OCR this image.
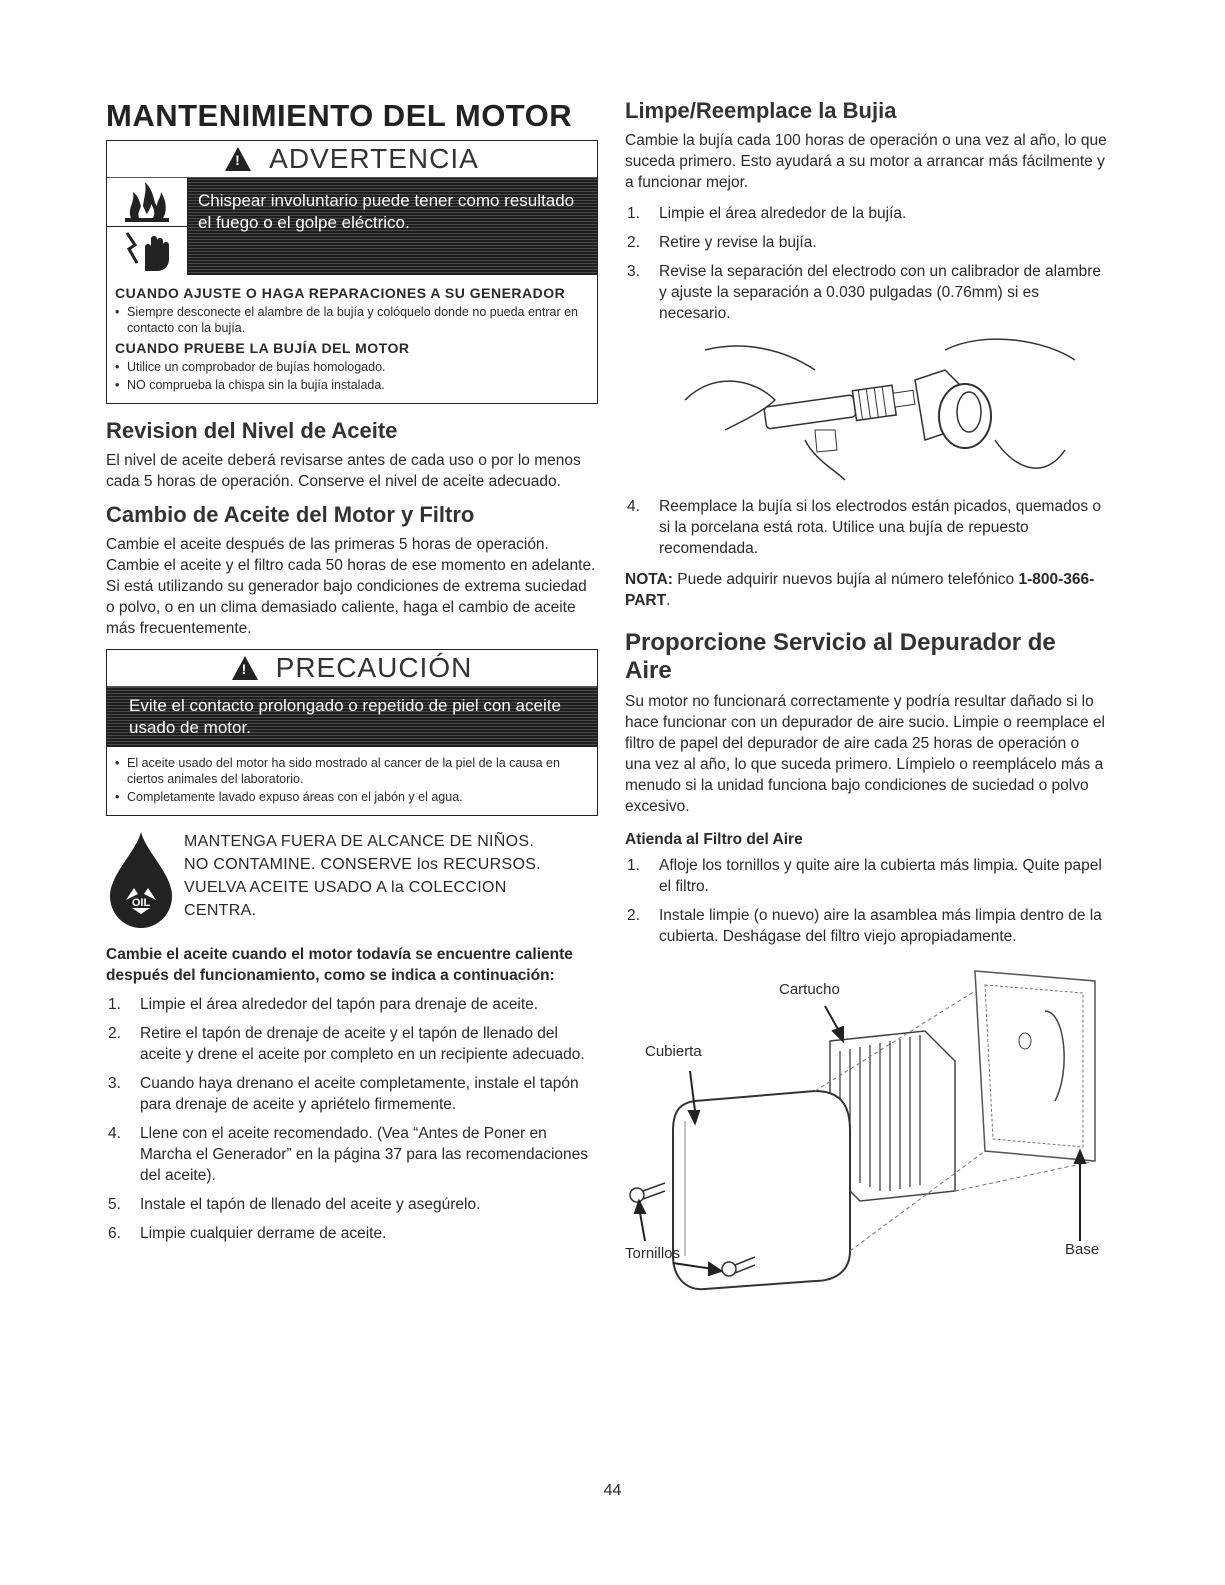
MANTENIMIENTO DEL MOTOR
!
ADVERTENCIA
Chispear involuntario puede tener como resultado el fuego o el golpe eléctrico.
CUANDO AJUSTE O HAGA REPARACIONES A SU GENERADOR
• Siempre desconecte el alambre de la bujía y colóquelo donde no pueda entrar en contacto con la bujía.
CUANDO PRUEBE LA BUJÍA DEL MOTOR
• Utilice un comprobador de bujías homologado.
• NO comprueba la chispa sin la bujía instalada.
Revision del Nivel de Aceite

El nivel de aceite deberá revisarse antes de cada uso o por lo menos cada 5 horas de operación. Conserve el nivel de aceite adecuado.

Cambio de Aceite del Motor y Filtro

Cambie el aceite después de las primeras 5 horas de operación. Cambie el aceite y el filtro cada 50 horas de ese momento en adelante. Si está utilizando su generador bajo condiciones de extrema suciedad o polvo, o en un clima demasiado caliente, haga el cambio de aceite más frecuentemente.

!
PRECAUCIÓN
Evite el contacto prolongado o repetido de piel con aceite usado de motor.
• El aceite usado del motor ha sido mostrado al cancer de la piel de la causa en ciertos animales del laboratorio.
• Completamente lavado expuso áreas con el jabón y el agua.
OIL
MANTENGA FUERA DE ALCANCE DE NIÑOS.
NO CONTAMINE. CONSERVE los RECURSOS.
VUELVA ACEITE USADO A la COLECCION
CENTRA.
Cambie el aceite cuando el motor todavía se encuentre caliente después del funcionamiento, como se indica a continuación:
1. Limpie el área alrededor del tapón para drenaje de aceite.
2. Retire el tapón de drenaje de aceite y el tapón de llenado del aceite y drene el aceite por completo en un recipiente adecuado.
3. Cuando haya drenano el aceite completamente, instale el tapón para drenaje de aceite y apriételo firmemente.
4. Llene con el aceite recomendado. (Vea “Antes de Poner en Marcha el Generador” en la página 37 para las recomendaciones del aceite).
5. Instale el tapón de llenado del aceite y asegúrelo.
6. Limpie cualquier derrame de aceite.
Limpe/Reemplace la Bujia

Cambie la bujía cada 100 horas de operación o una vez al año, lo que suceda primero. Esto ayudará a su motor a arrancar más fácilmente y a funcionar mejor.

1. Limpie el área alrededor de la bujía.
2. Retire y revise la bujía.
3. Revise la separación del electrodo con un calibrador de alambre y ajuste la separación a 0.030 pulgadas (0.76mm) si es necesario.
4. Reemplace la bujía si los electrodos están picados, quemados o si la porcelana está rota. Utilice una bujía de repuesto recomendada.
NOTA: Puede adquirir nuevos bujía al número telefónico 1-800-366-PART.
Proporcione Servicio al Depurador de Aire

Su motor no funcionará correctamente y podría resultar dañado si lo hace funcionar con un depurador de aire sucio. Limpie o reemplace el filtro de papel del depurador de aire cada 25 horas de operación o una vez al año, lo que suceda primero. Límpielo o reemplácelo más a menudo si la unidad funciona bajo condiciones de suciedad o polvo excesivo.

Atienda al Filtro del Aire
1. Afloje los tornillos y quite aire la cubierta más limpia. Quite papel el filtro.
2. Instale limpie (o nuevo) aire la asamblea más limpia dentro de la cubierta. Deshágase del filtro viejo apropiadamente.
Cartucho
Cubierta
Base
Tornillos
44
